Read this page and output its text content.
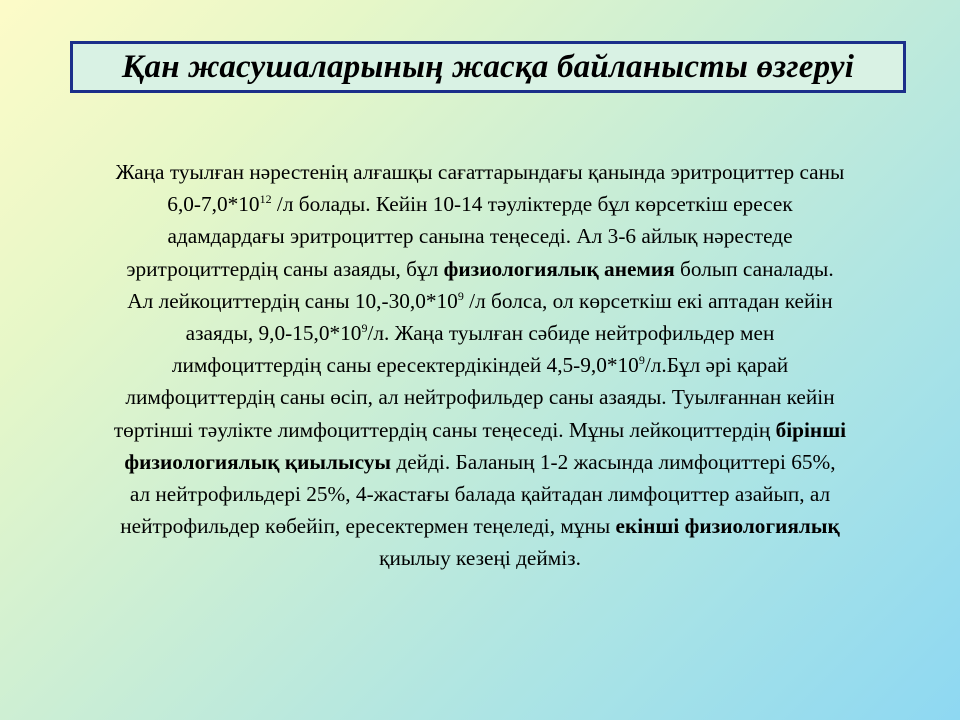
Қан жасушаларының жасқа байланысты өзгеруі
Жаңа туылған нәрестенің алғашқы сағаттарындағы қанында эритроциттер саны
$6,0-7,0*10^{12}$ /л болады. Кейін 10-14 тәуліктерде бұл көрсеткіш ересек
адамдардағы эритроциттер санына теңеседі. Ал 3-6 айлық нәрестеде
эритроциттердің саны азаяды, бұл физиологиялық анемия болып саналады.
Ал лейкоциттердің саны $10,-30,0*10^9$ /л болса, ол көрсеткіш екі аптадан кейін
азаяды, $9,0-15,0*10^9/л$. Жаңа туылған сәбиде нейтрофильдер мен
лимфоциттердің саны ересектердікіндей $4,5-9,0*10^9/л.Бұл$ әрі қарай
лимфоциттердің саны өсіп, ал нейтрофильдер саны азаяды. Туылғаннан кейін
төртінші тәулікте лимфоциттердің саны теңеседі. Мұны лейкоциттердің бірінші
физиологиялық қиылысуы дейді. Баланың 1-2 жасында лимфоциттері 65%,
ал нейтрофильдері 25%, 4-жастағы балада қайтадан лимфоциттер азайып, ал
нейтрофильдер көбейіп, ересектермен теңеледі, мұны екінші физиологиялық
қиылыу кезеңі дейміз.
